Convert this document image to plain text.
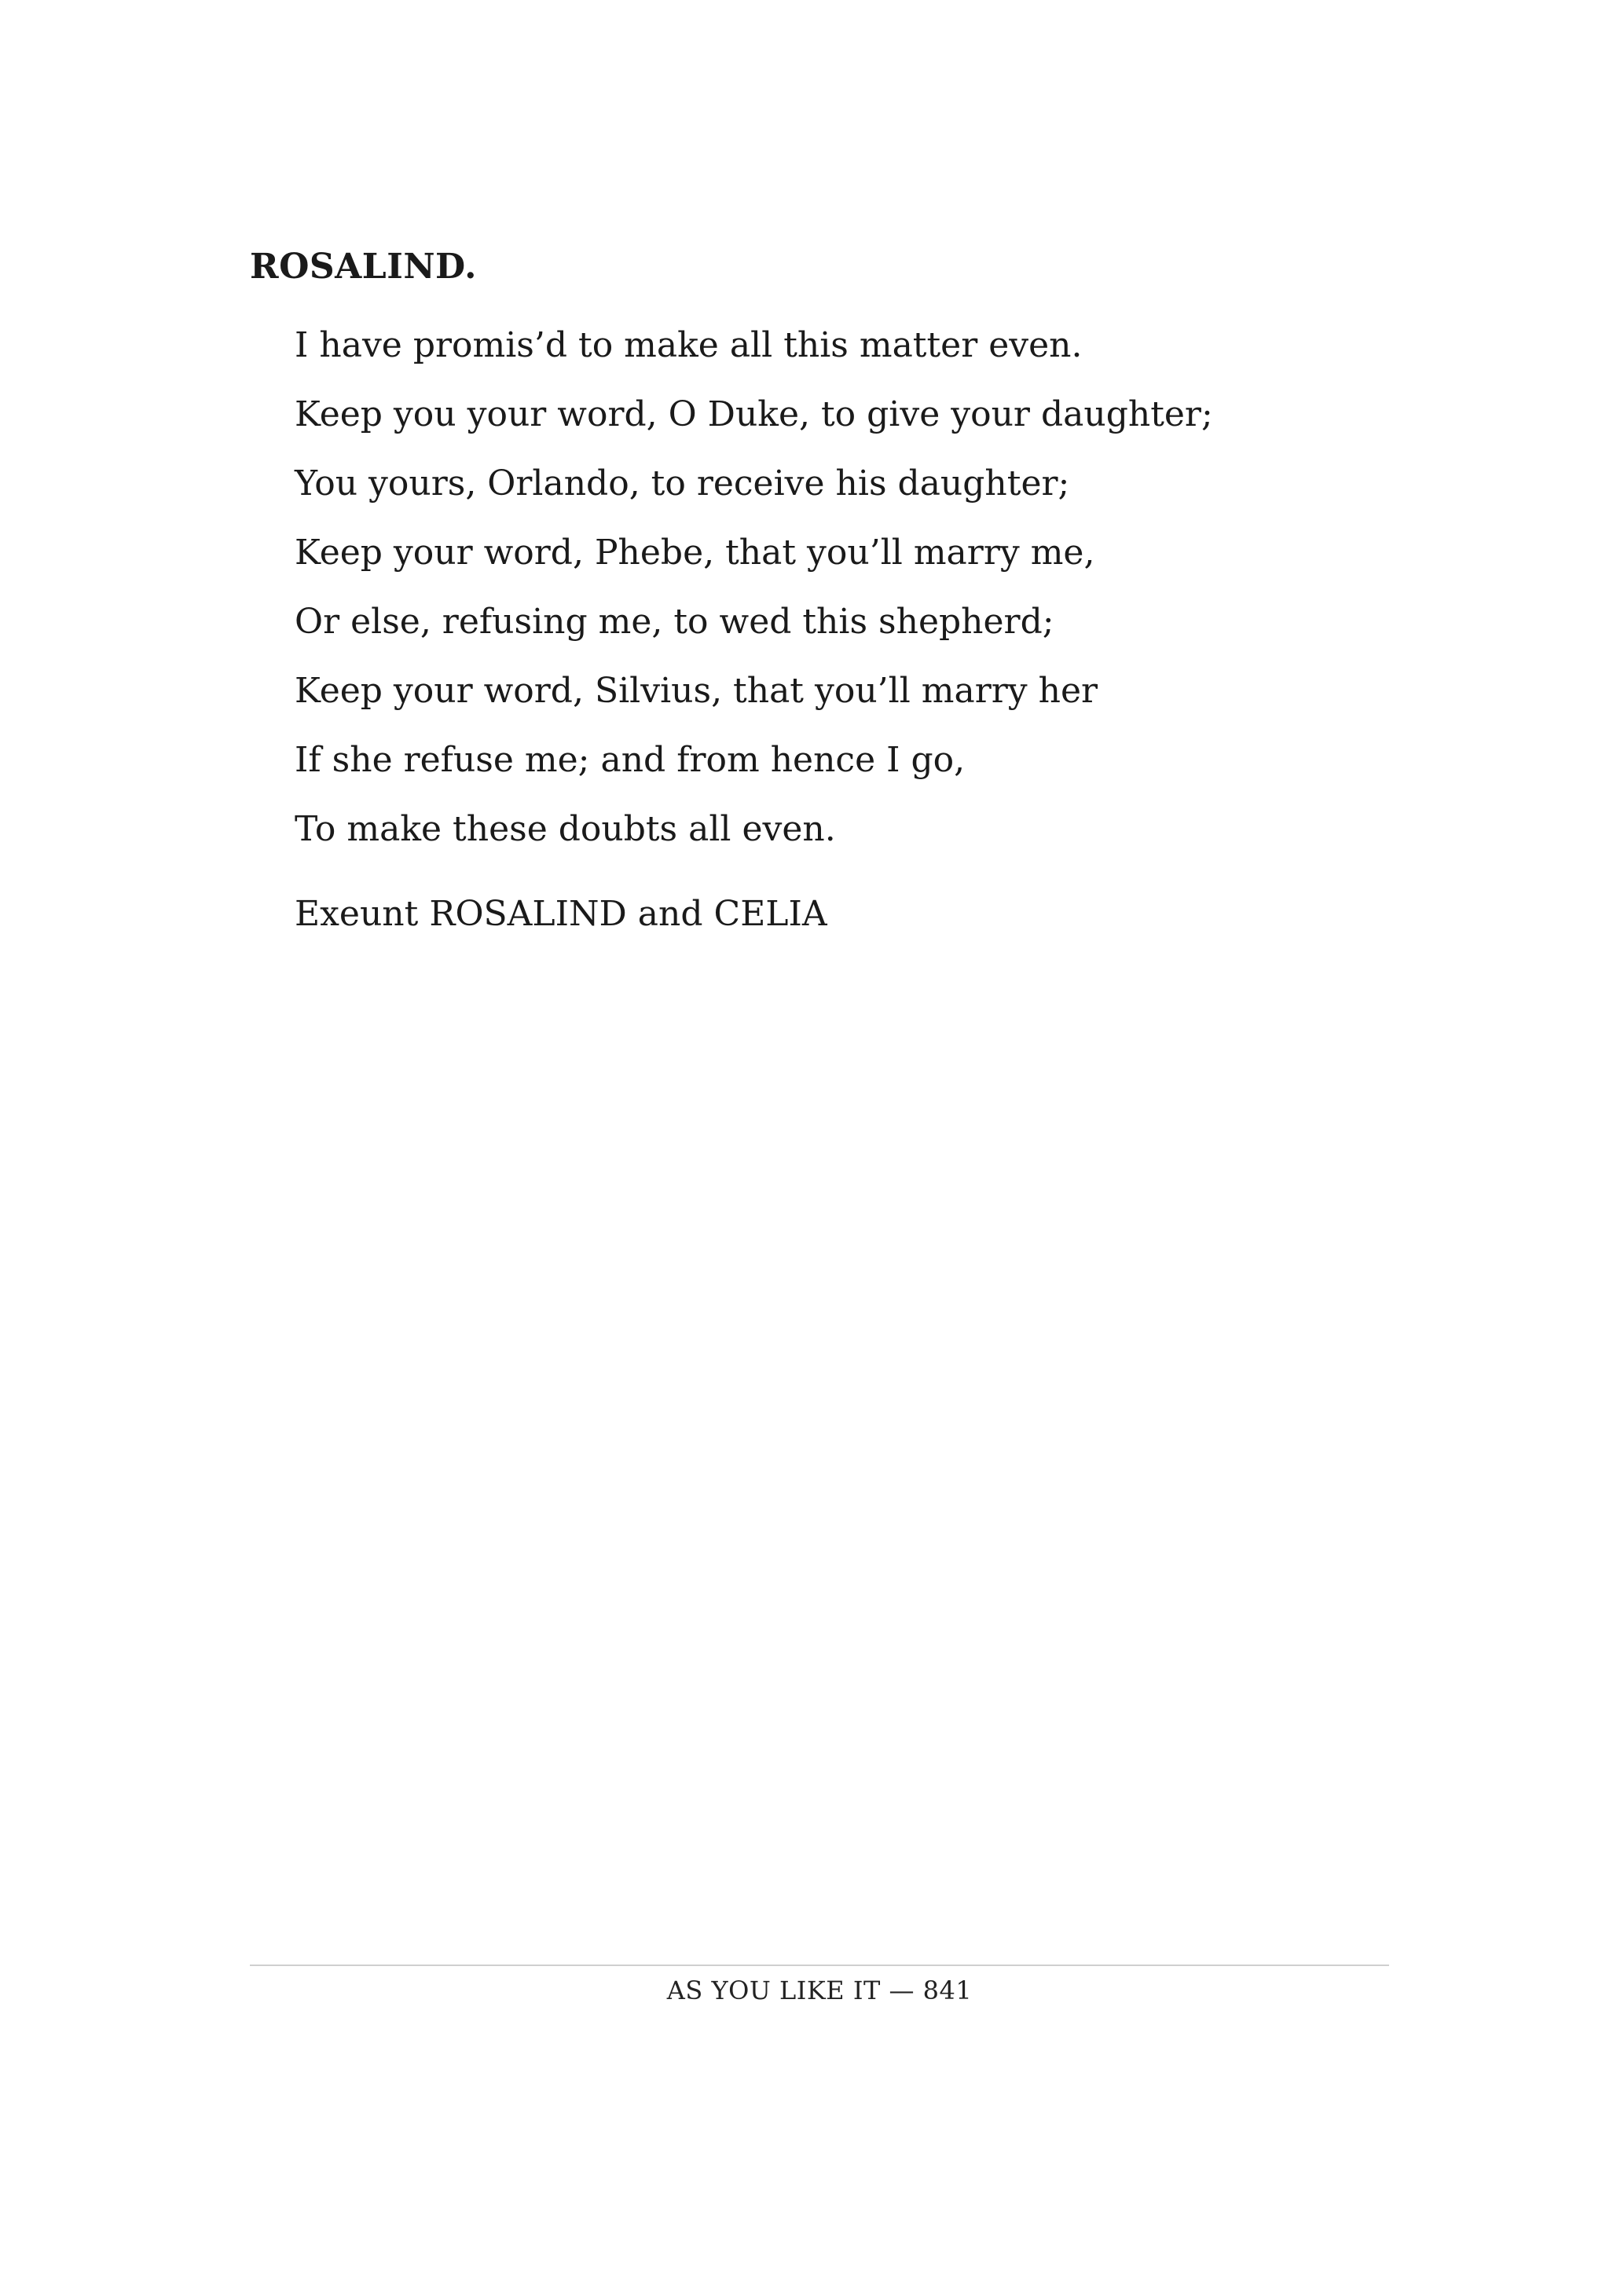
ROSALIND.

I have promis’d to make all this matter even.
Keep you your word, O Duke, to give your daughter;
You yours, Orlando, to receive his daughter;
Keep your word, Phebe, that you’ll marry me,
Or else, refusing me, to wed this shepherd;
Keep your word, Silvius, that you’ll marry her
If she refuse me; and from hence I go,
To make these doubts all even.

Exeunt ROSALIND and CELIA

AS YOU LIKE IT — 841
